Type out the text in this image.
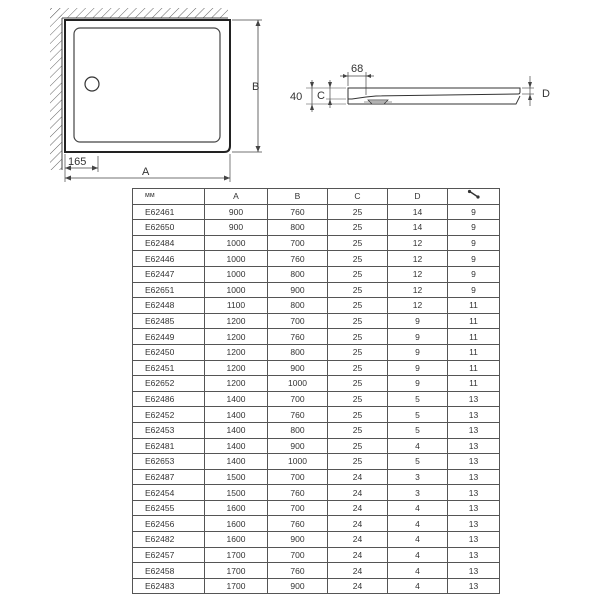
B
165
A
68
40 C	D
мм	A	B	C	D	
E62461	900	760	25	14	9
E62650	900	800	25	14	9
E62484	1000	700	25	12	9
E62446	1000	760	25	12	9
E62447	1000	800	25	12	9
E62651	1000	900	25	12	9
E62448	1100	800	25	12	11
E62485	1200	700	25	9	11
E62449	1200	760	25	9	11
E62450	1200	800	25	9	11
E62451	1200	900	25	9	11
E62652	1200	1000	25	9	11
E62486	1400	700	25	5	13
E62452	1400	760	25	5	13
E62453	1400	800	25	5	13
E62481	1400	900	25	4	13
E62653	1400	1000	25	5	13
E62487	1500	700	24	3	13
E62454	1500	760	24	3	13
E62455	1600	700	24	4	13
E62456	1600	760	24	4	13
E62482	1600	900	24	4	13
E62457	1700	700	24	4	13
E62458	1700	760	24	4	13
E62483	1700	900	24	4	13
